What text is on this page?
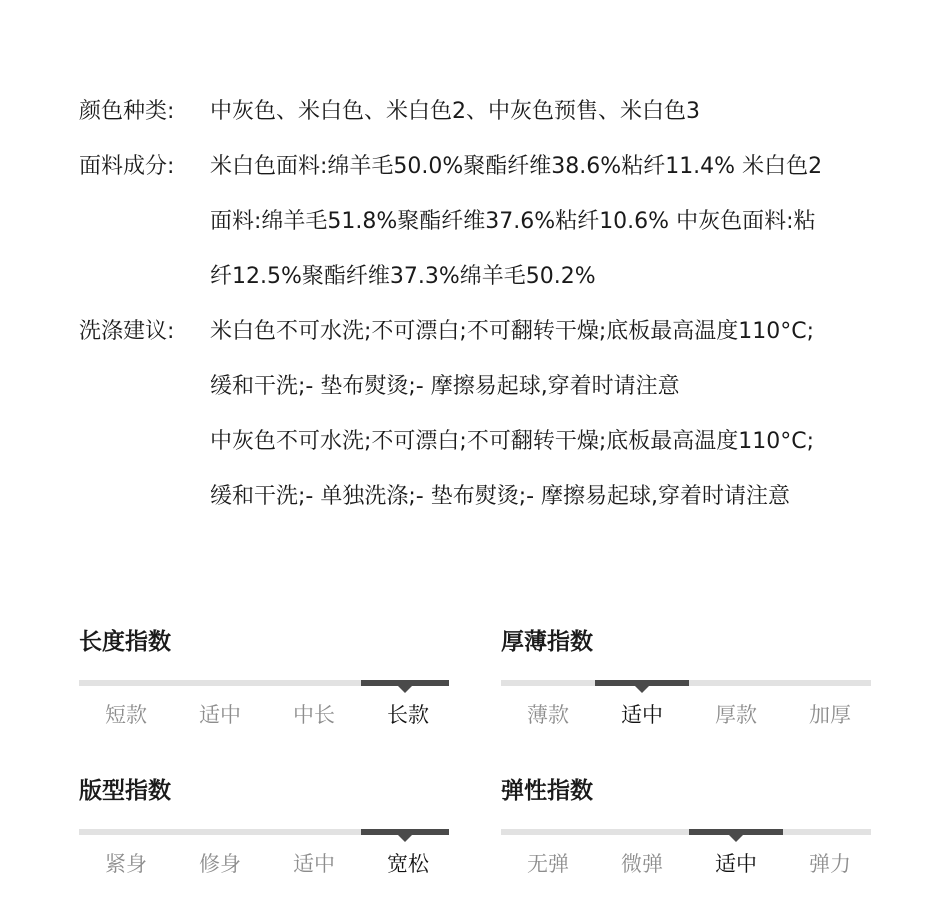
颜色种类:	中灰色、米白色、米白色2、中灰色预售、米白色3
面料成分:	米白色面料:绵羊毛50.0%聚酯纤维38.6%粘纤11.4% 米白色2
面料:绵羊毛51.8%聚酯纤维37.6%粘纤10.6% 中灰色面料:粘
纤12.5%聚酯纤维37.3%绵羊毛50.2%
洗涤建议:	米白色不可水洗;不可漂白;不可翻转干燥;底板最高温度110°C;
缓和干洗;- 垫布熨烫;- 摩擦易起球,穿着时请注意
中灰色不可水洗;不可漂白;不可翻转干燥;底板最高温度110°C;
缓和干洗;- 单独洗涤;- 垫布熨烫;- 摩擦易起球,穿着时请注意
长度指数
短款	适中	中长	长款
厚薄指数
薄款	适中	厚款	加厚
版型指数
紧身	修身	适中	宽松
弹性指数
无弹	微弹	适中	弹力
